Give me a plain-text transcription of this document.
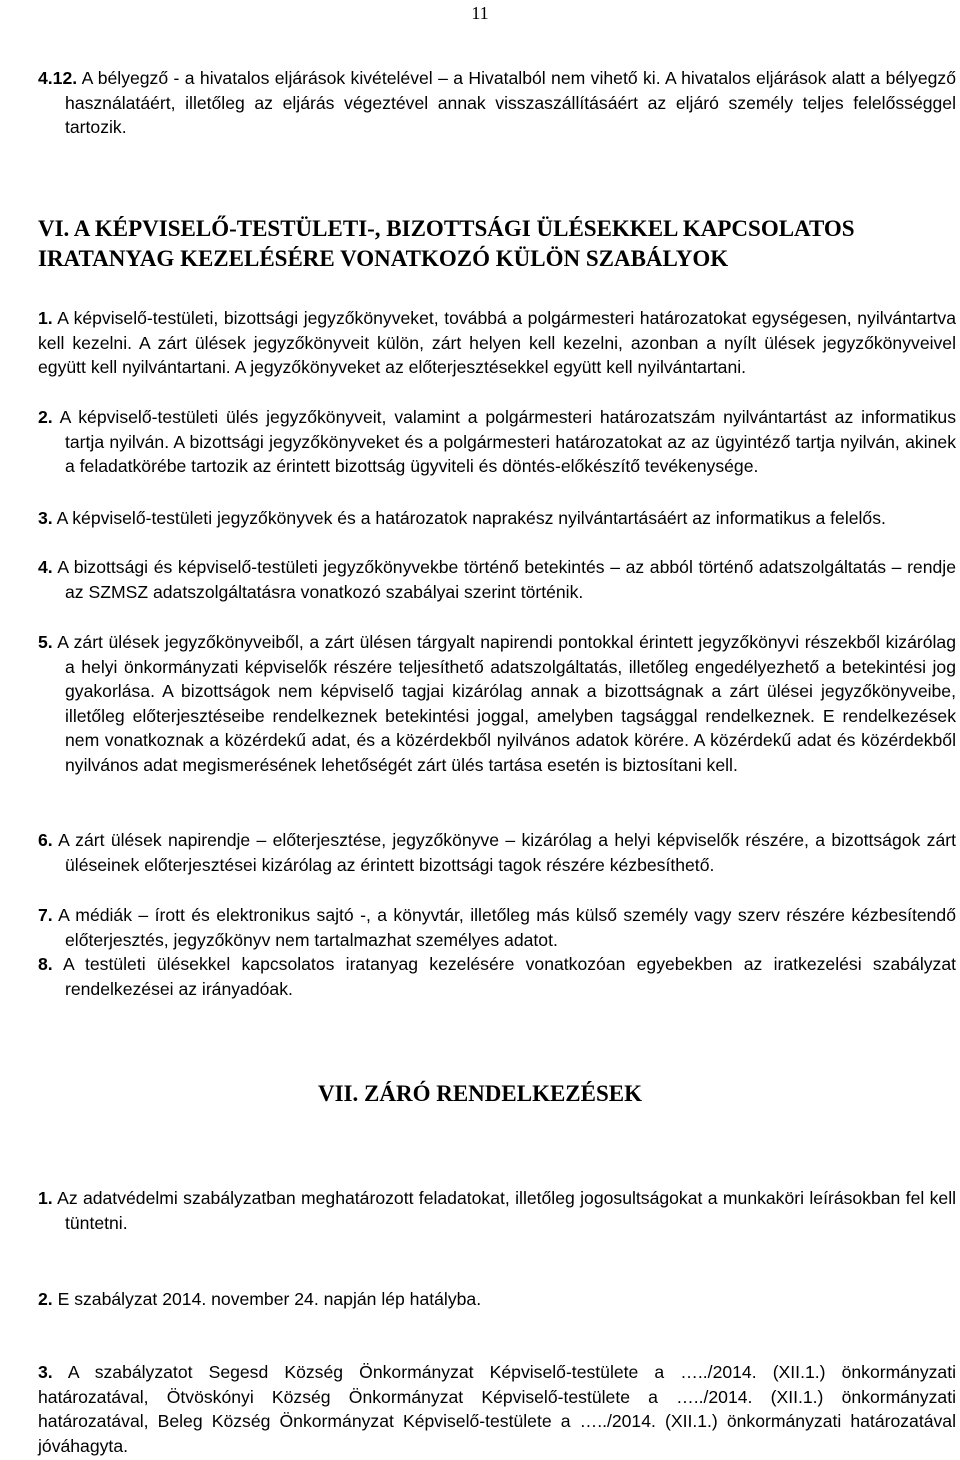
11

4.12. A bélyegző - a hivatalos eljárások kivételével – a Hivatalból nem vihető ki. A hivatalos eljárások alatt a bélyegző használatáért, illetőleg az eljárás végeztével annak visszaszállításáért az eljáró személy teljes felelősséggel tartozik.

VI. A KÉPVISELŐ-TESTÜLETI-, BIZOTTSÁGI ÜLÉSEKKEL KAPCSOLATOS
IRATANYAG KEZELÉSÉRE VONATKOZÓ KÜLÖN SZABÁLYOK

1. A képviselő-testületi, bizottsági jegyzőkönyveket, továbbá a polgármesteri határozatokat egységesen, nyilvántartva kell kezelni. A zárt ülések jegyzőkönyveit külön, zárt helyen kell kezelni, azonban a nyílt ülések jegyzőkönyveivel együtt kell nyilvántartani. A jegyzőkönyveket az előterjesztésekkel együtt kell nyilvántartani.

2. A képviselő-testületi ülés jegyzőkönyveit, valamint a polgármesteri határozatszám nyilvántartást az informatikus tartja nyilván. A bizottsági jegyzőkönyveket és a polgármesteri határozatokat az az ügyintéző tartja nyilván, akinek a feladatkörébe tartozik az érintett bizottság ügyviteli és döntés-előkészítő tevékenysége.

3. A képviselő-testületi jegyzőkönyvek és a határozatok naprakész nyilvántartásáért az informatikus a felelős.

4. A bizottsági és képviselő-testületi jegyzőkönyvekbe történő betekintés – az abból történő adatszolgáltatás – rendje az SZMSZ adatszolgáltatásra vonatkozó szabályai szerint történik.

5. A zárt ülések jegyzőkönyveiből, a zárt ülésen tárgyalt napirendi pontokkal érintett jegyzőkönyvi részekből kizárólag a helyi önkormányzati képviselők részére teljesíthető adatszolgáltatás, illetőleg engedélyezhető a betekintési jog gyakorlása. A bizottságok nem képviselő tagjai kizárólag annak a bizottságnak a zárt ülései jegyzőkönyveibe, illetőleg előterjesztéseibe rendelkeznek betekintési joggal, amelyben tagsággal rendelkeznek. E rendelkezések nem vonatkoznak a közérdekű adat, és a közérdekből nyilvános adatok körére. A közérdekű adat és közérdekből nyilvános adat megismerésének lehetőségét zárt ülés tartása esetén is biztosítani kell.

6. A zárt ülések napirendje – előterjesztése, jegyzőkönyve – kizárólag a helyi képviselők részére, a bizottságok zárt üléseinek előterjesztései kizárólag az érintett bizottsági tagok részére kézbesíthető.

7. A médiák – írott és elektronikus sajtó -, a könyvtár, illetőleg más külső személy vagy szerv részére kézbesítendő előterjesztés, jegyzőkönyv nem tartalmazhat személyes adatot.

8. A testületi ülésekkel kapcsolatos iratanyag kezelésére vonatkozóan egyebekben az iratkezelési szabályzat rendelkezései az irányadóak.

VII. ZÁRÓ RENDELKEZÉSEK

1. Az adatvédelmi szabályzatban meghatározott feladatokat, illetőleg jogosultságokat a munkaköri leírásokban fel kell tüntetni.

2. E szabályzat 2014. november 24. napján lép hatályba.

3. A szabályzatot Segesd Község Önkormányzat Képviselő-testülete a …../2014. (XII.1.) önkormányzati határozatával, Ötvöskónyi Község Önkormányzat Képviselő-testülete a …../2014. (XII.1.) önkormányzati határozatával, Beleg Község Önkormányzat Képviselő-testülete a …../2014. (XII.1.) önkormányzati határozatával jóváhagyta.
